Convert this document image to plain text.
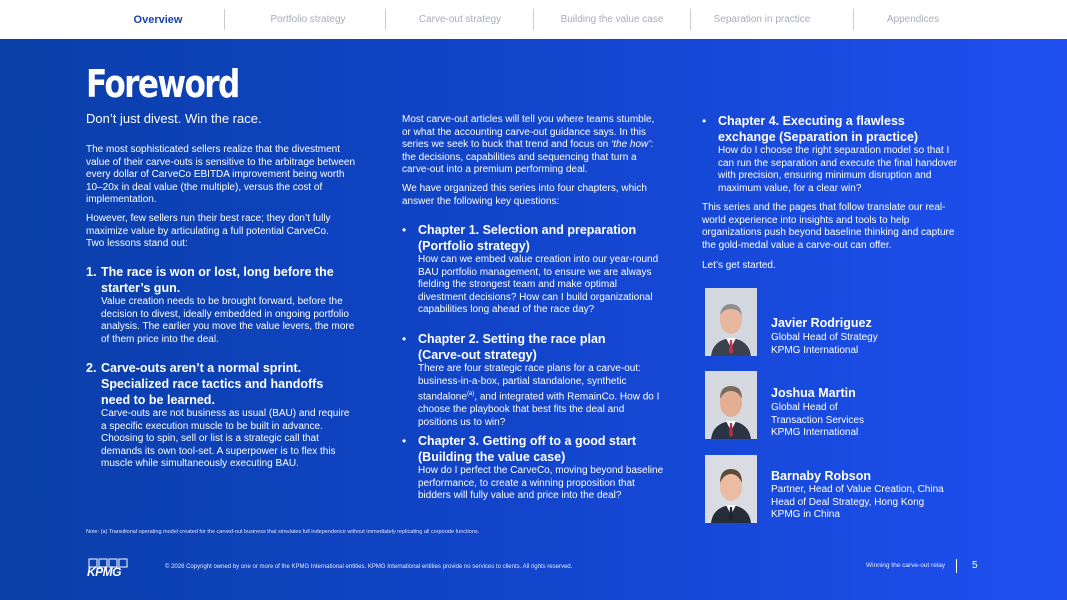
Overview	Portfolio strategy	Carve-out strategy	Building the value case	Separation in practice	Appendices
Foreword
Don’t just divest. Win the race.
The most sophisticated sellers realize that the divestment
value of their carve-outs is sensitive to the arbitrage between
every dollar of CarveCo EBITDA improvement being worth
10–20x in deal value (the multiple), versus the cost of
implementation.
However, few sellers run their best race; they don’t fully
maximize value by articulating a full potential CarveCo.
Two lessons stand out:
1. The race is won or lost, long before the
starter’s gun.
Value creation needs to be brought forward, before the
decision to divest, ideally embedded in ongoing portfolio
analysis. The earlier you move the value levers, the more
of them price into the deal.
2. Carve-outs aren’t a normal sprint.
Specialized race tactics and handoffs
need to be learned.
Carve-outs are not business as usual (BAU) and require
a specific execution muscle to be built in advance.
Choosing to spin, sell or list is a strategic call that
demands its own tool-set. A superpower is to flex this
muscle while simultaneously executing BAU.
Most carve-out articles will tell you where teams stumble,
or what the accounting carve-out guidance says. In this
series we seek to buck that trend and focus on ‘the how’:
the decisions, capabilities and sequencing that turn a
carve-out into a premium performing deal.
We have organized this series into four chapters, which
answer the following key questions:
• Chapter 1. Selection and preparation
(Portfolio strategy)
How can we embed value creation into our year-round
BAU portfolio management, to ensure we are always
fielding the strongest team and make optimal
divestment decisions? How can I build organizational
capabilities long ahead of the race day?
• Chapter 2. Setting the race plan
(Carve-out strategy)
There are four strategic race plans for a carve-out:
business-in-a-box, partial standalone, synthetic
standalone$^{(a)}$, and integrated with RemainCo. How do I
choose the playbook that best fits the deal and
positions us to win?
• Chapter 3. Getting off to a good start
(Building the value case)
How do I perfect the CarveCo, moving beyond baseline
performance, to create a winning proposition that
bidders will fully value and price into the deal?
• Chapter 4. Executing a flawless
exchange (Separation in practice)
How do I choose the right separation model so that I
can run the separation and execute the final handover
with precision, ensuring minimum disruption and
maximum value, for a clear win?
This series and the pages that follow translate our real-
world experience into insights and tools to help
organizations push beyond baseline thinking and capture
the gold-medal value a carve-out can offer.
Let’s get started.
Javier Rodriguez
Global Head of Strategy
KPMG International
Joshua Martin
Global Head of
Transaction Services
KPMG International
Barnaby Robson
Partner, Head of Value Creation, China
Head of Deal Strategy, Hong Kong
KPMG in China
Note: (a) Transitional operating model created for the carved-out business that simulates full independence without immediately replicating all corporate functions.
KPMG	© 2026 Copyright owned by one or more of the KPMG International entities. KPMG International entities provide no services to clients. All rights reserved.	Winning the carve-out relay	5
